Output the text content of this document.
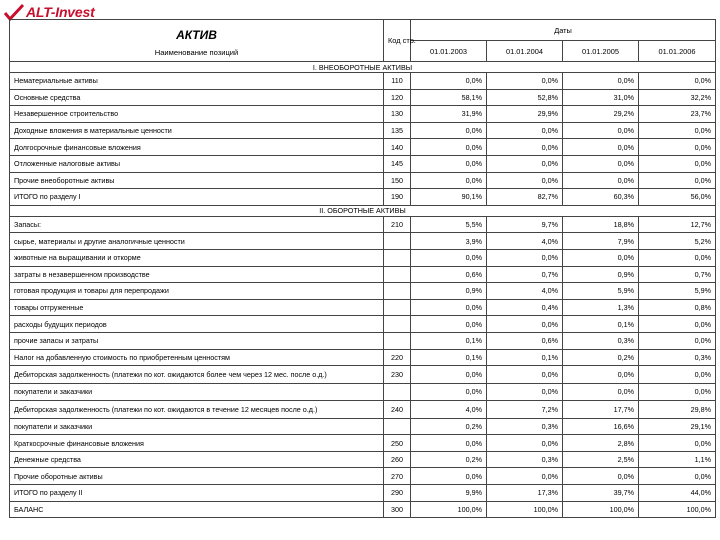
ALT-Invest
АКТИВ
Наименование позиций	Код стр.	Даты			
		01.01.2003	01.01.2004	01.01.2005	01.01.2006
I. ВНЕОБОРОТНЫЕ АКТИВЫ					
Нематериальные активы	110	0,0%	0,0%	0,0%	0,0%
Основные средства	120	58,1%	52,8%	31,0%	32,2%
Незавершенное строительство	130	31,9%	29,9%	29,2%	23,7%
Доходные вложения в материальные ценности	135	0,0%	0,0%	0,0%	0,0%
Долгосрочные финансовые вложения	140	0,0%	0,0%	0,0%	0,0%
Отложенные налоговые активы	145	0,0%	0,0%	0,0%	0,0%
Прочие внеоборотные активы	150	0,0%	0,0%	0,0%	0,0%
ИТОГО по разделу I	190	90,1%	82,7%	60,3%	56,0%
II. ОБОРОТНЫЕ АКТИВЫ					
Запасы:	210	5,5%	9,7%	18,8%	12,7%
сырье, материалы и другие аналогичные ценности		3,9%	4,0%	7,9%	5,2%
животные на выращивании и откорме		0,0%	0,0%	0,0%	0,0%
затраты в незавершенном производстве		0,6%	0,7%	0,9%	0,7%
готовая продукция и товары для перепродажи		0,9%	4,0%	5,9%	5,9%
товары отгруженные		0,0%	0,4%	1,3%	0,8%
расходы будущих периодов		0,0%	0,0%	0,1%	0,0%
прочие запасы и затраты		0,1%	0,6%	0,3%	0,0%
Налог на добавленную стоимость по приобретенным ценностям	220	0,1%	0,1%	0,2%	0,3%
Дебиторская задолженность (платежи по кот. ожидаются более чем через 12 мес. после о.д.)	230	0,0%	0,0%	0,0%	0,0%
покупатели и заказчики		0,0%	0,0%	0,0%	0,0%
Дебиторская задолженность (платежи по кот. ожидаются в течение 12 месяцев после о.д.)	240	4,0%	7,2%	17,7%	29,8%
покупатели и заказчики		0,2%	0,3%	16,6%	29,1%
Краткосрочные финансовые вложения	250	0,0%	0,0%	2,8%	0,0%
Денежные средства	260	0,2%	0,3%	2,5%	1,1%
Прочие оборотные активы	270	0,0%	0,0%	0,0%	0,0%
ИТОГО по разделу II	290	9,9%	17,3%	39,7%	44,0%
БАЛАНС	300	100,0%	100,0%	100,0%	100,0%
